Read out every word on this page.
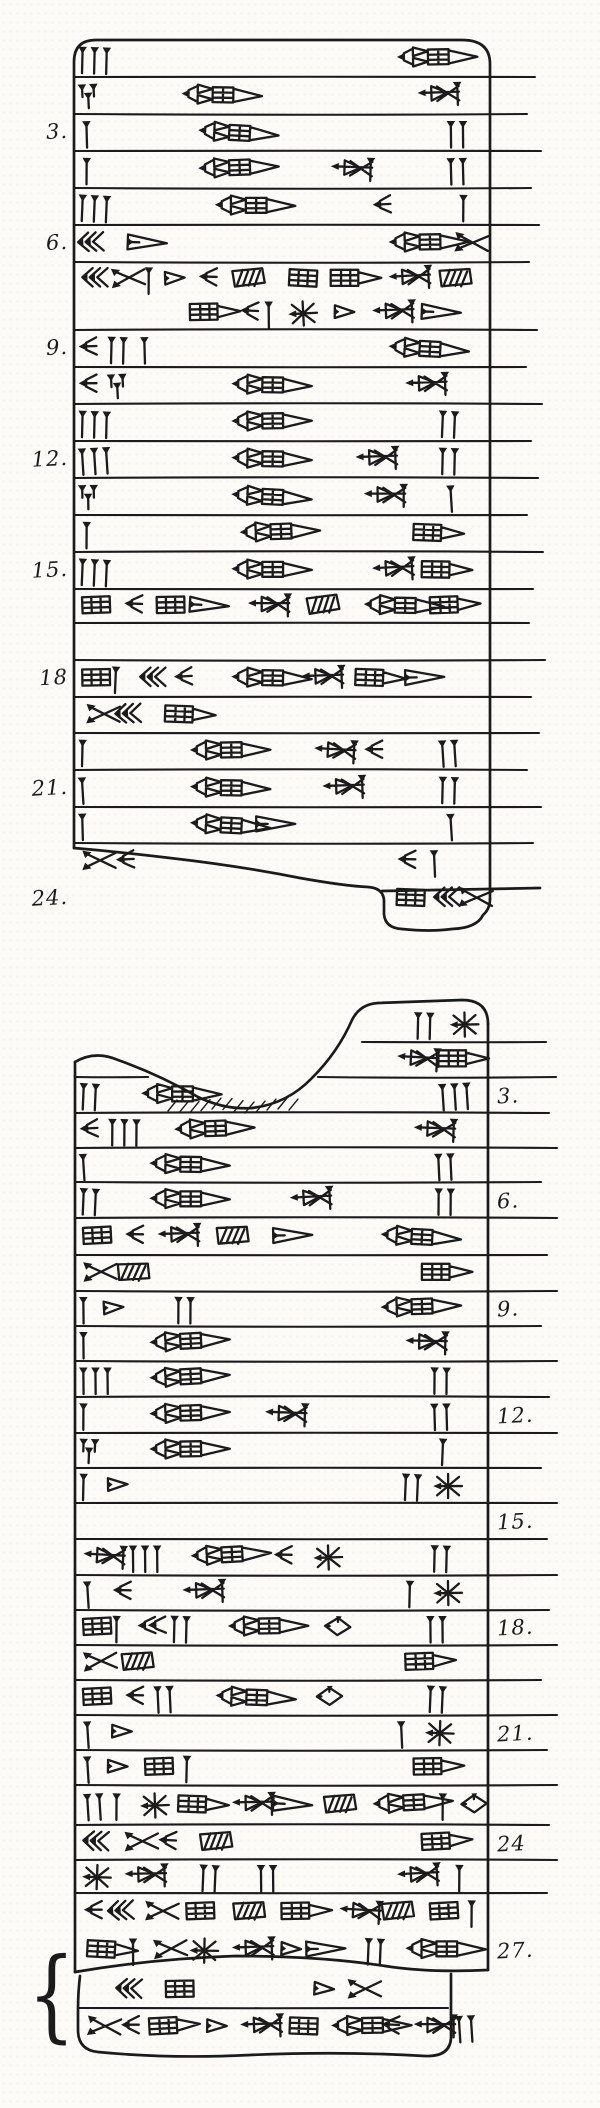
{
3.
6.
9.
12.
15.
18
21.
24.
3.
6.
9.
12.
15.
18.
21.
24
27.
